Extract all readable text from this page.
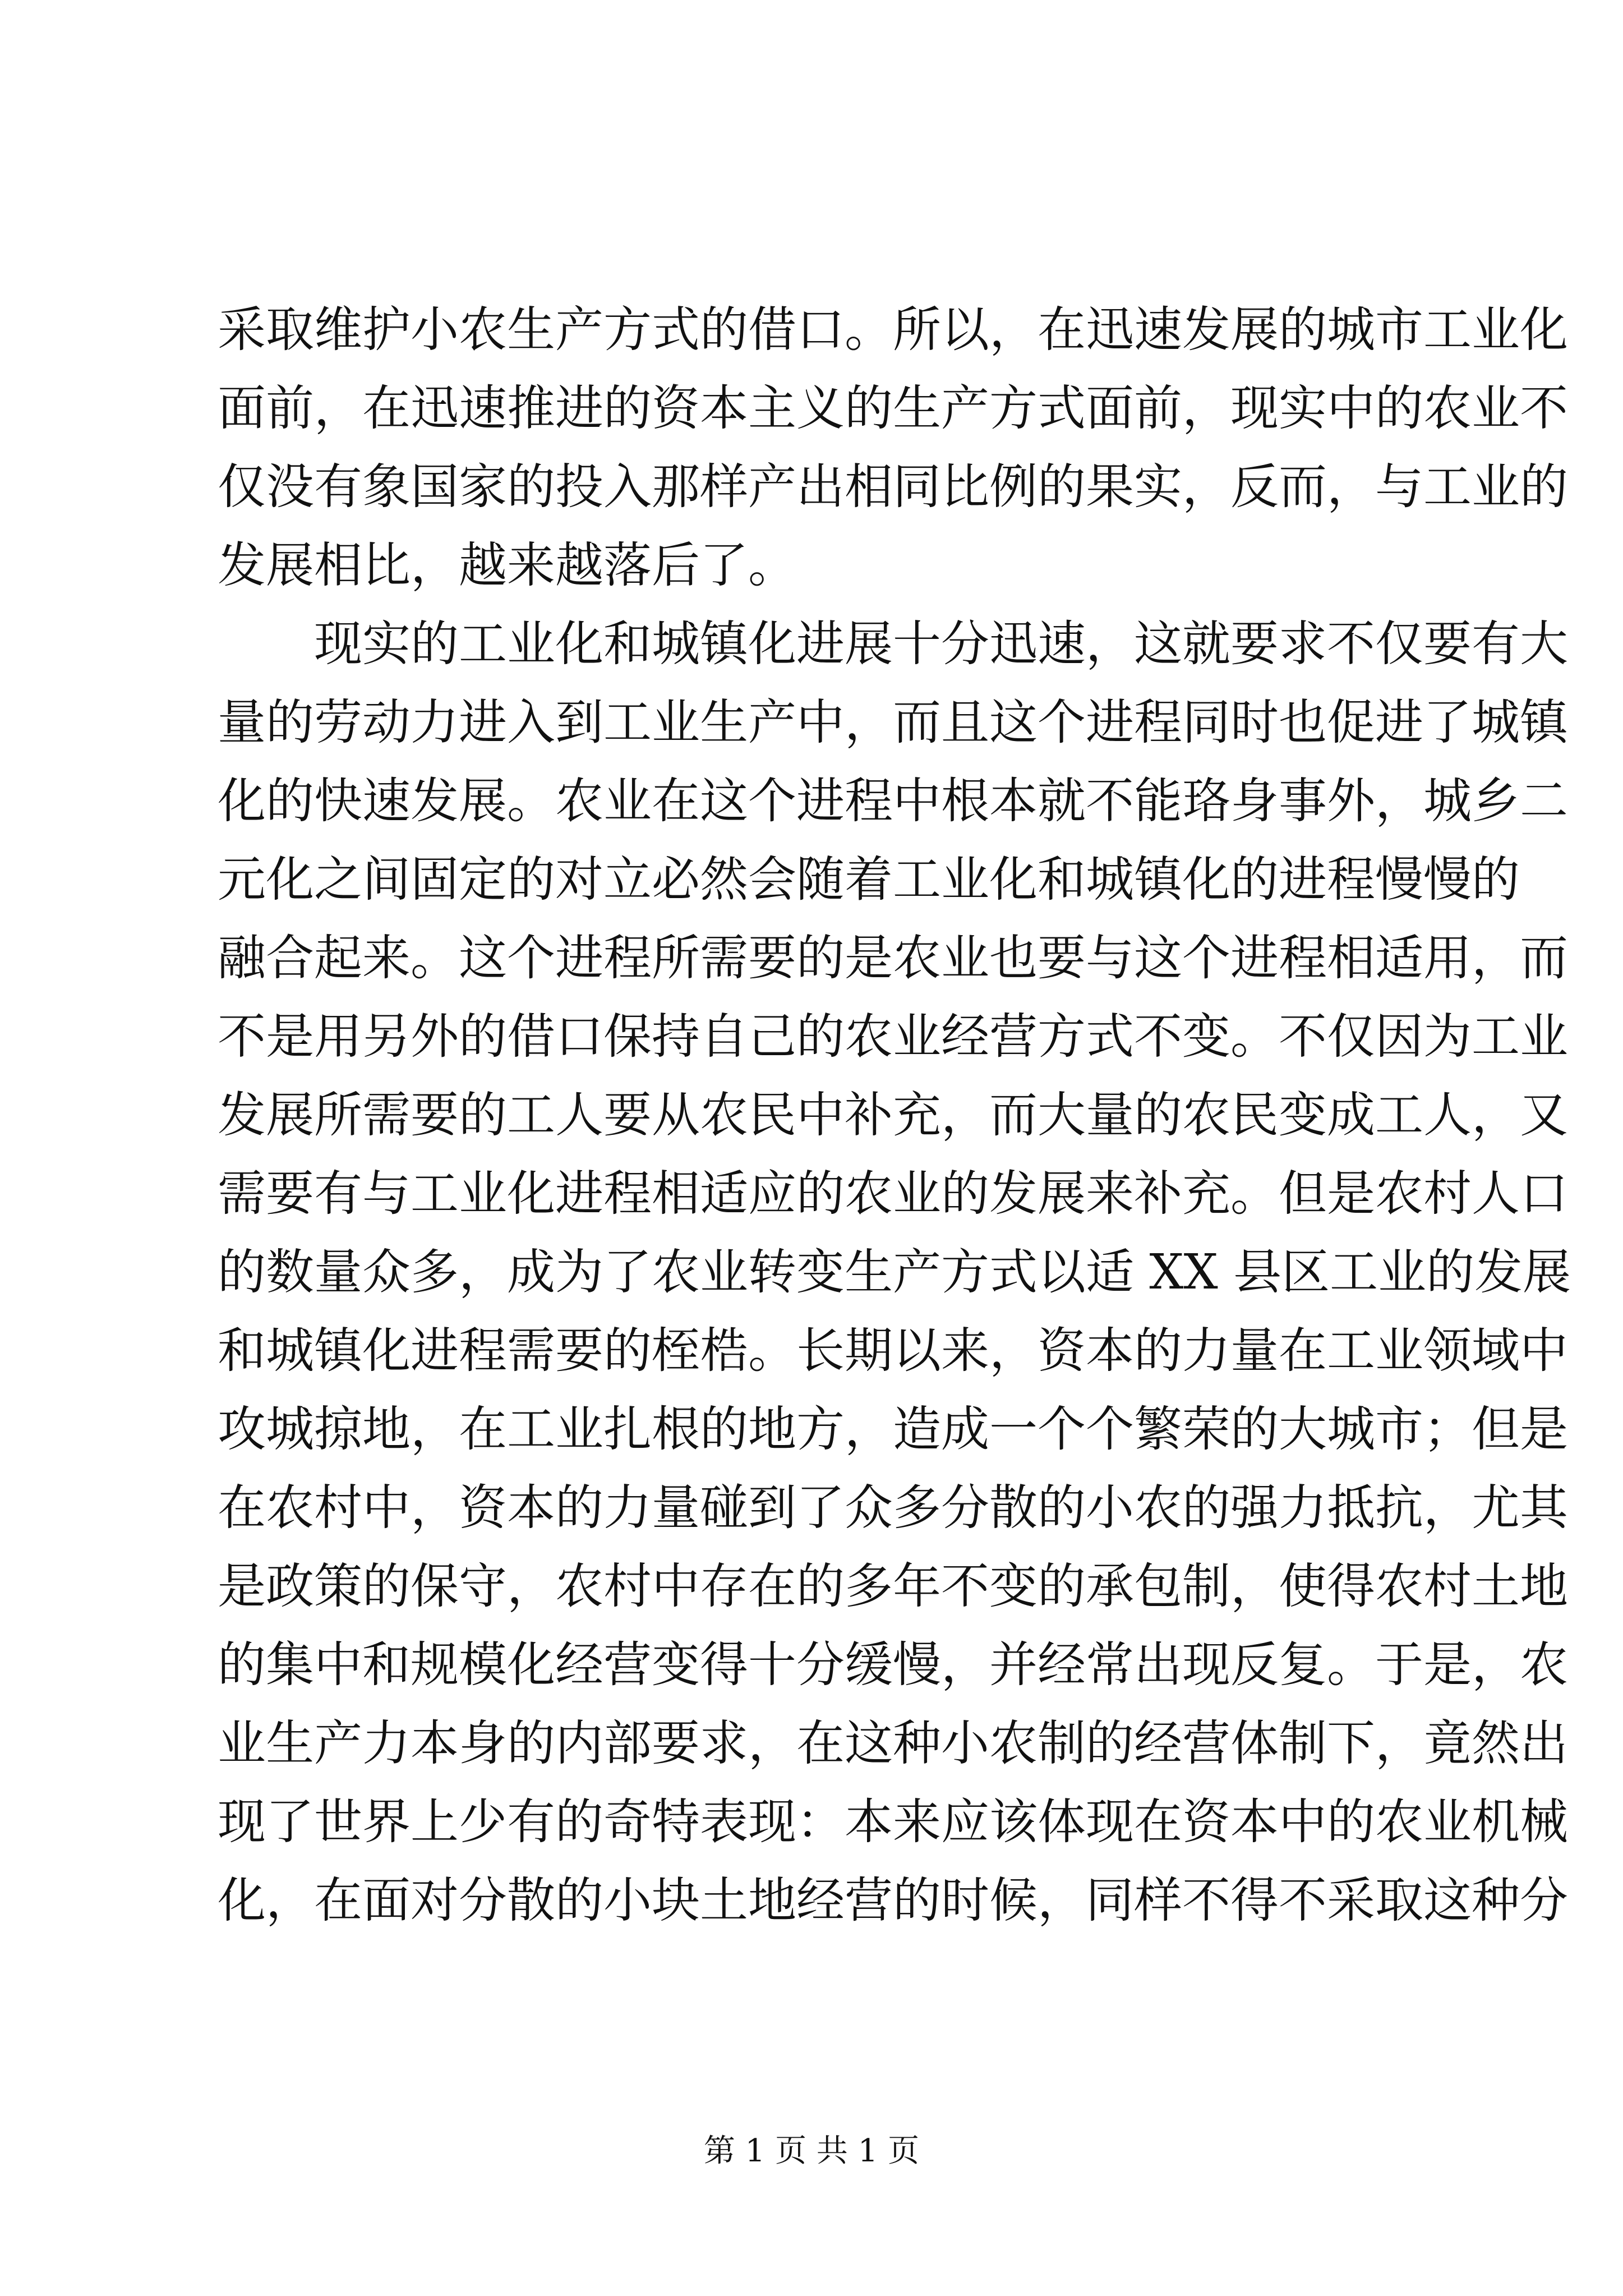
采取维护小农生产方式的借口。所以，在迅速发展的城市工业化
面前，在迅速推进的资本主义的生产方式面前，现实中的农业不
仅没有象国家的投入那样产出相同比例的果实，反而，与工业的
发展相比，越来越落后了。
现实的工业化和城镇化进展十分迅速，这就要求不仅要有大
量的劳动力进入到工业生产中，而且这个进程同时也促进了城镇
化的快速发展。农业在这个进程中根本就不能珞身事外，城乡二
元化之间固定的对立必然会随着工业化和城镇化的进程慢慢的
融合起来。这个进程所需要的是农业也要与这个进程相适用，而
不是用另外的借口保持自己的农业经营方式不变。不仅因为工业
发展所需要的工人要从农民中补充，而大量的农民变成工人，又
需要有与工业化进程相适应的农业的发展来补充。但是农村人口
的数量众多，成为了农业转变生产方式以适 XX 县区工业的发展
和城镇化进程需要的桎梏。长期以来，资本的力量在工业领域中
攻城掠地，在工业扎根的地方，造成一个个繁荣的大城市；但是
在农村中，资本的力量碰到了众多分散的小农的强力抵抗，尤其
是政策的保守，农村中存在的多年不变的承包制，使得农村土地
的集中和规模化经营变得十分缓慢，并经常出现反复。于是，农
业生产力本身的内部要求，在这种小农制的经营体制下，竟然出
现了世界上少有的奇特表现：本来应该体现在资本中的农业机械
化，在面对分散的小块土地经营的时候，同样不得不采取这种分
第 1 页 共 1 页
